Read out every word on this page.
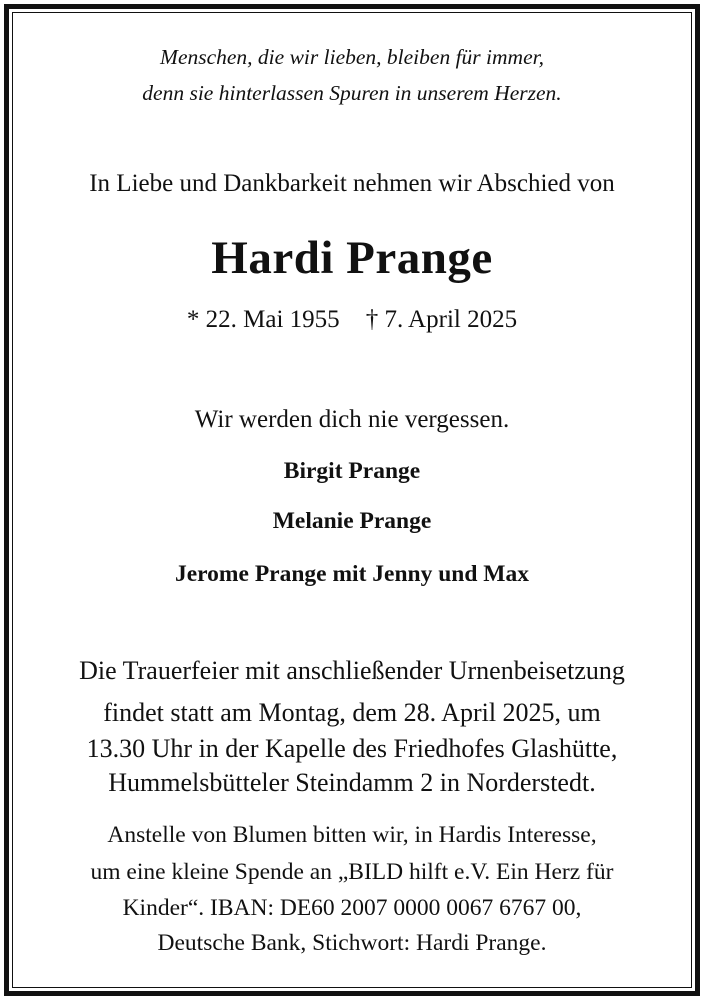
Menschen, die wir lieben, bleiben für immer,

denn sie hinterlassen Spuren in unserem Herzen.

In Liebe und Dankbarkeit nehmen wir Abschied von

Hardi Prange

* 22. Mai 1955 † 7. April 2025

Wir werden dich nie vergessen.

Birgit Prange

Melanie Prange

Jerome Prange mit Jenny und Max

Die Trauerfeier mit anschließender Urnenbeisetzung

findet statt am Montag, dem 28. April 2025, um

13.30 Uhr in der Kapelle des Friedhofes Glashütte,

Hummelsbütteler Steindamm 2 in Norderstedt.

Anstelle von Blumen bitten wir, in Hardis Interesse,

um eine kleine Spende an „BILD hilft e.V. Ein Herz für

Kinder“. IBAN: DE60 2007 0000 0067 6767 00,

Deutsche Bank, Stichwort: Hardi Prange.
